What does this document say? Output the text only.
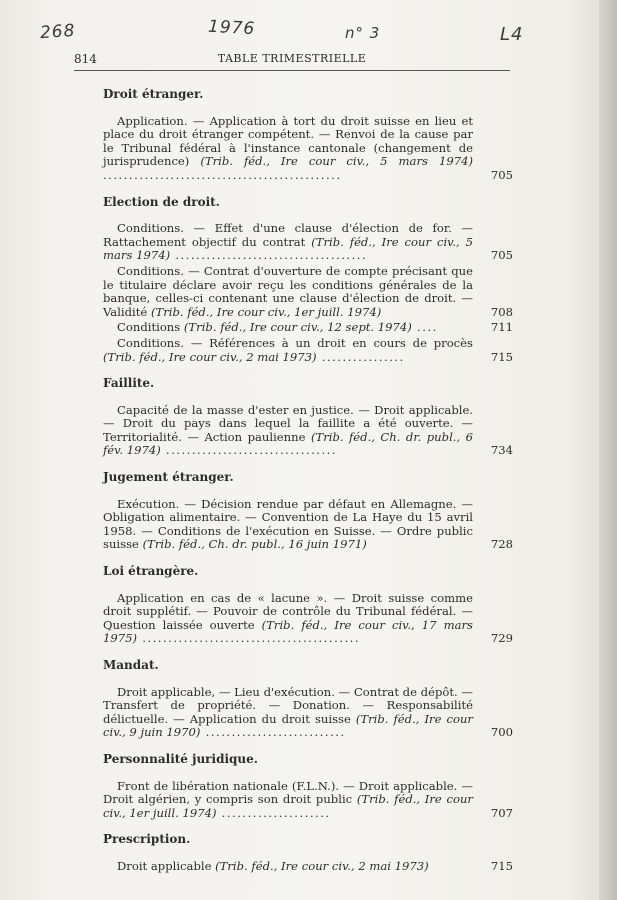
268	1976	n° 3	L4
814	TABLE TRIMESTRIELLE
Droit étranger.
Application. — Application à tort du droit suisse en lieu et place du droit étranger compétent. — Renvoi de la cause par le Tribunal fédéral à l'instance cantonale (changement de jurisprudence) (Trib. féd., Ire cour civ., 5 mars 1974) ..............................................	705
Election de droit.
Conditions. — Effet d'une clause d'élection de for. — Rattachement objectif du contrat (Trib. féd., Ire cour civ., 5 mars 1974) .....................................	705
Conditions. — Contrat d'ouverture de compte précisant que le titulaire déclare avoir reçu les conditions générales de la banque, celles-ci contenant une clause d'élection de droit. — Validité (Trib. féd., Ire cour civ., 1er juill. 1974)	708
Conditions (Trib. féd., Ire cour civ., 12 sept. 1974) ....	711
Conditions. — Références à un droit en cours de procès (Trib. féd., Ire cour civ., 2 mai 1973) ................	715
Faillite.
Capacité de la masse d'ester en justice. — Droit applicable. — Droit du pays dans lequel la faillite a été ouverte. — Territorialité. — Action paulienne (Trib. féd., Ch. dr. publ., 6 fév. 1974) .................................	734
Jugement étranger.
Exécution. — Décision rendue par défaut en Allemagne. — Obligation alimentaire. — Convention de La Haye du 15 avril 1958. — Conditions de l'exécution en Suisse. — Ordre public suisse (Trib. féd., Ch. dr. publ., 16 juin 1971)	728
Loi étrangère.
Application en cas de « lacune ». — Droit suisse comme droit supplétif. — Pouvoir de contrôle du Tribunal fédéral. — Question laissée ouverte (Trib. féd., Ire cour civ., 17 mars 1975) ..........................................	729
Mandat.
Droit applicable, — Lieu d'exécution. — Contrat de dépôt. — Transfert de propriété. — Donation. — Responsabilité délictuelle. — Application du droit suisse (Trib. féd., Ire cour civ., 9 juin 1970) ...........................	700
Personnalité juridique.
Front de libération nationale (F.L.N.). — Droit applicable. — Droit algérien, y compris son droit public (Trib. féd., Ire cour civ., 1er juill. 1974) .....................	707
Prescription.
Droit applicable (Trib. féd., Ire cour civ., 2 mai 1973)	715
